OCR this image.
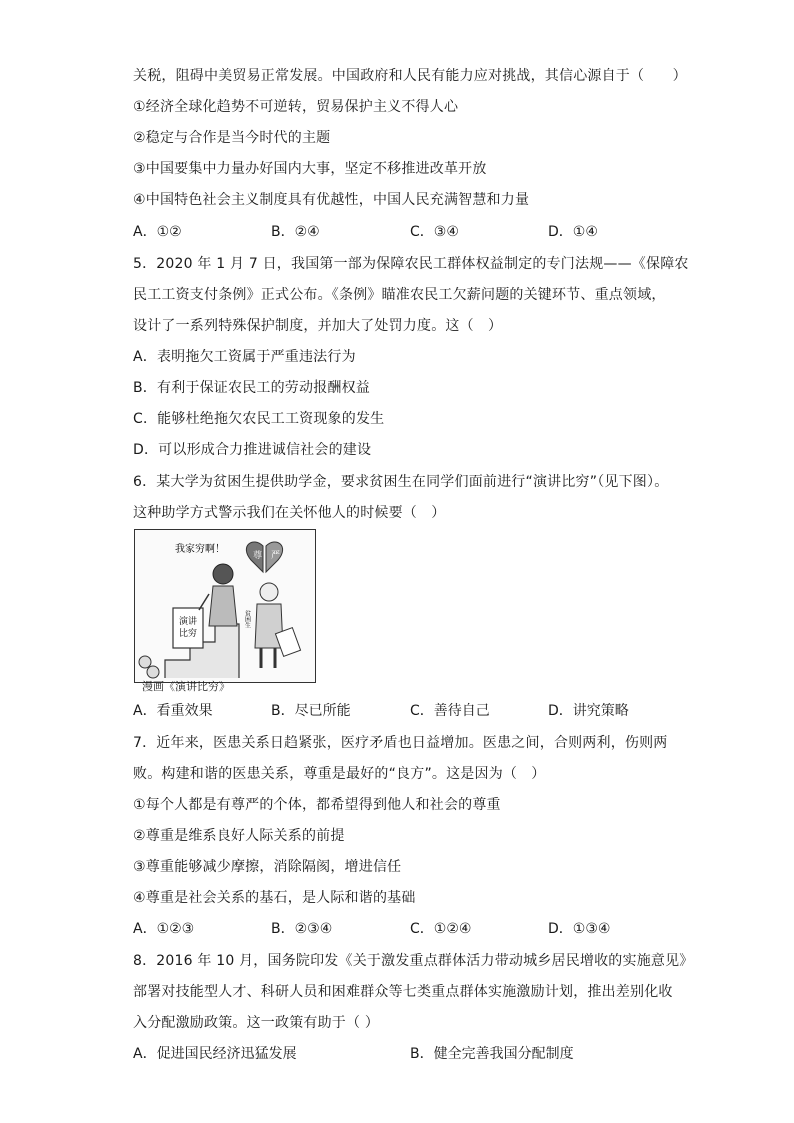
关税，阻碍中美贸易正常发展。中国政府和人民有能力应对挑战，其信心源自于（　　）
①经济全球化趋势不可逆转，贸易保护主义不得人心
②稳定与合作是当今时代的主题
③中国要集中力量办好国内大事，坚定不移推进改革开放
④中国特色社会主义制度具有优越性，中国人民充满智慧和力量
A．①②	B．②④	C．③④	D．①④
5．2020 年 1 月 7 日，我国第一部为保障农民工群体权益制定的专门法规——《保障农
民工工资支付条例》正式公布。《条例》瞄准农民工欠薪问题的关键环节、重点领域，
设计了一系列特殊保护制度，并加大了处罚力度。这（　）
A．表明拖欠工资属于严重违法行为
B．有利于保证农民工的劳动报酬权益
C．能够杜绝拖欠农民工工资现象的发生
D．可以形成合力推进诚信社会的建设
6．某大学为贫困生提供助学金，要求贫困生在同学们面前进行“演讲比穷”（见下图）。
这种助学方式警示我们在关怀他人的时候要（　）
演讲
比穷
我家穷啊！
尊 严
贫困生
漫画《演讲比穷》
A．看重效果	B．尽已所能	C．善待自己	D．讲究策略
7．近年来，医患关系日趋紧张，医疗矛盾也日益增加。医患之间，合则两利，伤则两
败。构建和谐的医患关系，尊重是最好的“良方”。这是因为（　）
①每个人都是有尊严的个体，都希望得到他人和社会的尊重
②尊重是维系良好人际关系的前提
③尊重能够减少摩擦，消除隔阂，增进信任
④尊重是社会关系的基石，是人际和谐的基础
A．①②③	B．②③④	C．①②④	D．①③④
8．2016 年 10 月，国务院印发《关于激发重点群体活力带动城乡居民增收的实施意见》
部署对技能型人才、科研人员和困难群众等七类重点群体实施激励计划，推出差别化收
入分配激励政策。这一政策有助于（ ）
A．促进国民经济迅猛发展	B．健全完善我国分配制度
